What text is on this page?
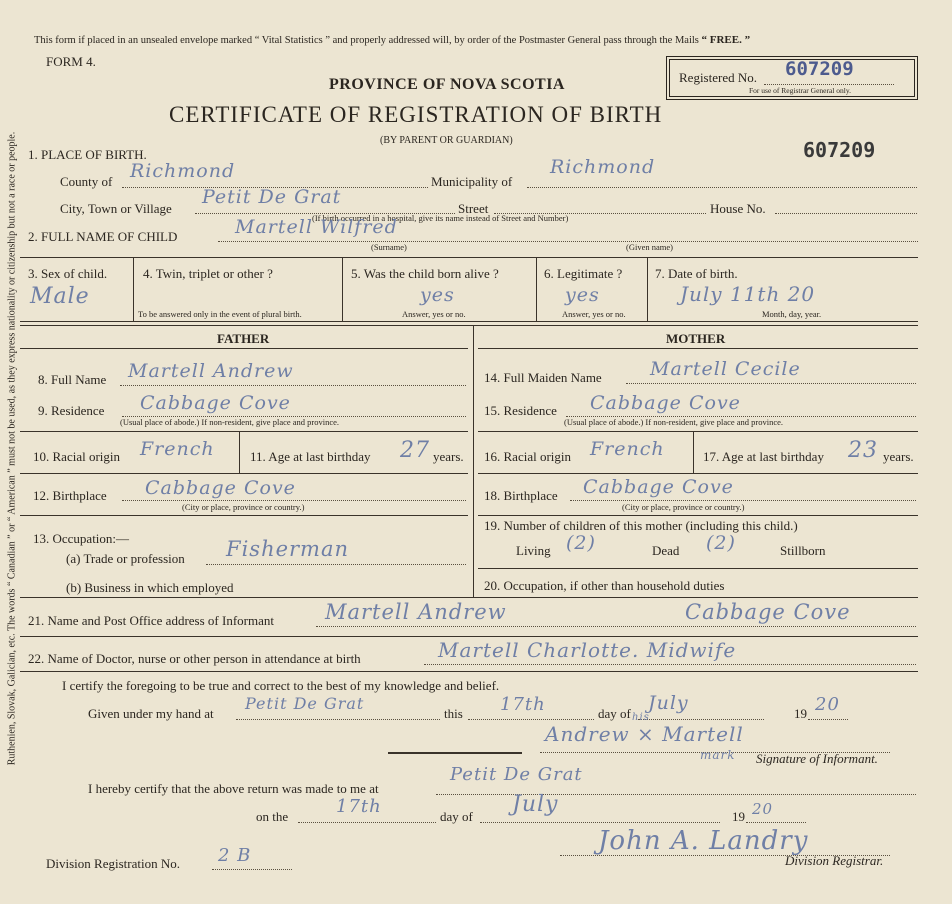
Ruthenien, Slovak, Galician, etc. The words “ Canadian ” or “ American ” must not be used, as they express nationality or citizenship but not a race or people.
This form if placed in an unsealed envelope marked “ Vital Statistics ” and properly addressed will, by order of the Postmaster General pass through the Mails “ FREE. ”
FORM 4.
Registered No. 607209
For use of Registrar General only.
PROVINCE OF NOVA SCOTIA
CERTIFICATE OF REGISTRATION OF BIRTH
(BY PARENT OR GUARDIAN)	607209
1. PLACE OF BIRTH.
County of Richmond	Municipality of
Richmond
City, Town or Village
Petit De Grat
Street	House No.
(If birth occurred in a hospital, give its name instead of Street and Number)
2. FULL NAME OF CHILD	Martell Wilfred
(Surname)	(Given name)
3. Sex of child.
Male
4. Twin, triplet or other ?
To be answered only in the event of plural birth.
5. Was the child born alive ?
yes
Answer, yes or no.
6. Legitimate ?
yes
Answer, yes or no.
7. Date of birth.
July 11th 20
Month, day, year.
FATHER	MOTHER
8. Full Name Martell Andrew
9. Residence Cabbage Cove
(Usual place of abode.) If non-resident, give place and province.
10. Racial origin French	11. Age at last birthday 27 years.
12. Birthplace Cabbage Cove
(City or place, province or country.)
13. Occupation:—
(a) Trade or profession Fisherman
(b) Business in which employed
14. Full Maiden Name	Martell Cecile
15. Residence Cabbage Cove
(Usual place of abode.) If non-resident, give place and province.
16. Racial origin French	17. Age at last birthday 23 years.
18. Birthplace Cabbage Cove
(City or place, province or country.)
19. Number of children of this mother (including this child.)
Living (2)	Dead (2)	Stillborn
20. Occupation, if other than household duties
21. Name and Post Office address of Informant Martell Andrew	Cabbage Cove
22. Name of Doctor, nurse or other person in attendance at birth	Martell Charlotte. Midwife
I certify the foregoing to be true and correct to the best of my knowledge and belief.
Given under my hand at
Petit De Grat
this 17th	day of July	19 20
his
Andrew × Martell
mark Signature of Informant.
I hereby certify that the above return was made to me at
Petit De Grat
on the	17th	day of July	19 20
John A. Landry
Division Registration No. 2 B	Division Registrar.
